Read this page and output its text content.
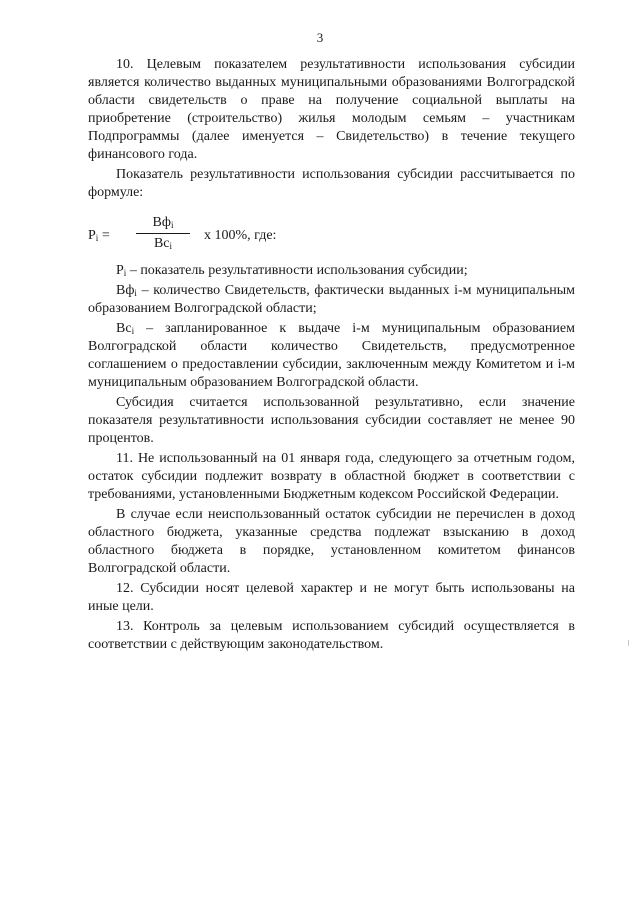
3

10. Целевым показателем результативности использования субсидии является количество выданных муниципальными образованиями Волгоградской области свидетельств о праве на получение социальной выплаты на приобретение (строительство) жилья молодым семьям – участникам Подпрограммы (далее именуется – Свидетельство) в течение текущего финансового года.

Показатель результативности использования субсидии рассчитывается по формуле:

$P_i$ =
$Вф_i$
$Вс_i$
x 100%, где:

$P_i$ – показатель результативности использования субсидии;

$Вф_i$ – количество Свидетельств, фактически выданных i-м муниципальным образованием Волгоградской области;

$Вс_i$ – запланированное к выдаче i-м муниципальным образованием Волгоградской области количество Свидетельств, предусмотренное соглашением о предоставлении субсидии, заключенным между Комитетом и i-м муниципальным образованием Волгоградской области.

Субсидия считается использованной результативно, если значение показателя результативности использования субсидии составляет не менее 90 процентов.

11. Не использованный на 01 января года, следующего за отчетным годом, остаток субсидии подлежит возврату в областной бюджет в соответствии с требованиями, установленными Бюджетным кодексом Российской Федерации.

В случае если неиспользованный остаток субсидии не перечислен в доход областного бюджета, указанные средства подлежат взысканию в доход областного бюджета в порядке, установленном комитетом финансов Волгоградской области.

12. Субсидии носят целевой характер и не могут быть использованы на иные цели.

13. Контроль за целевым использованием субсидий осуществляется в соответствии с действующим законодательством.
